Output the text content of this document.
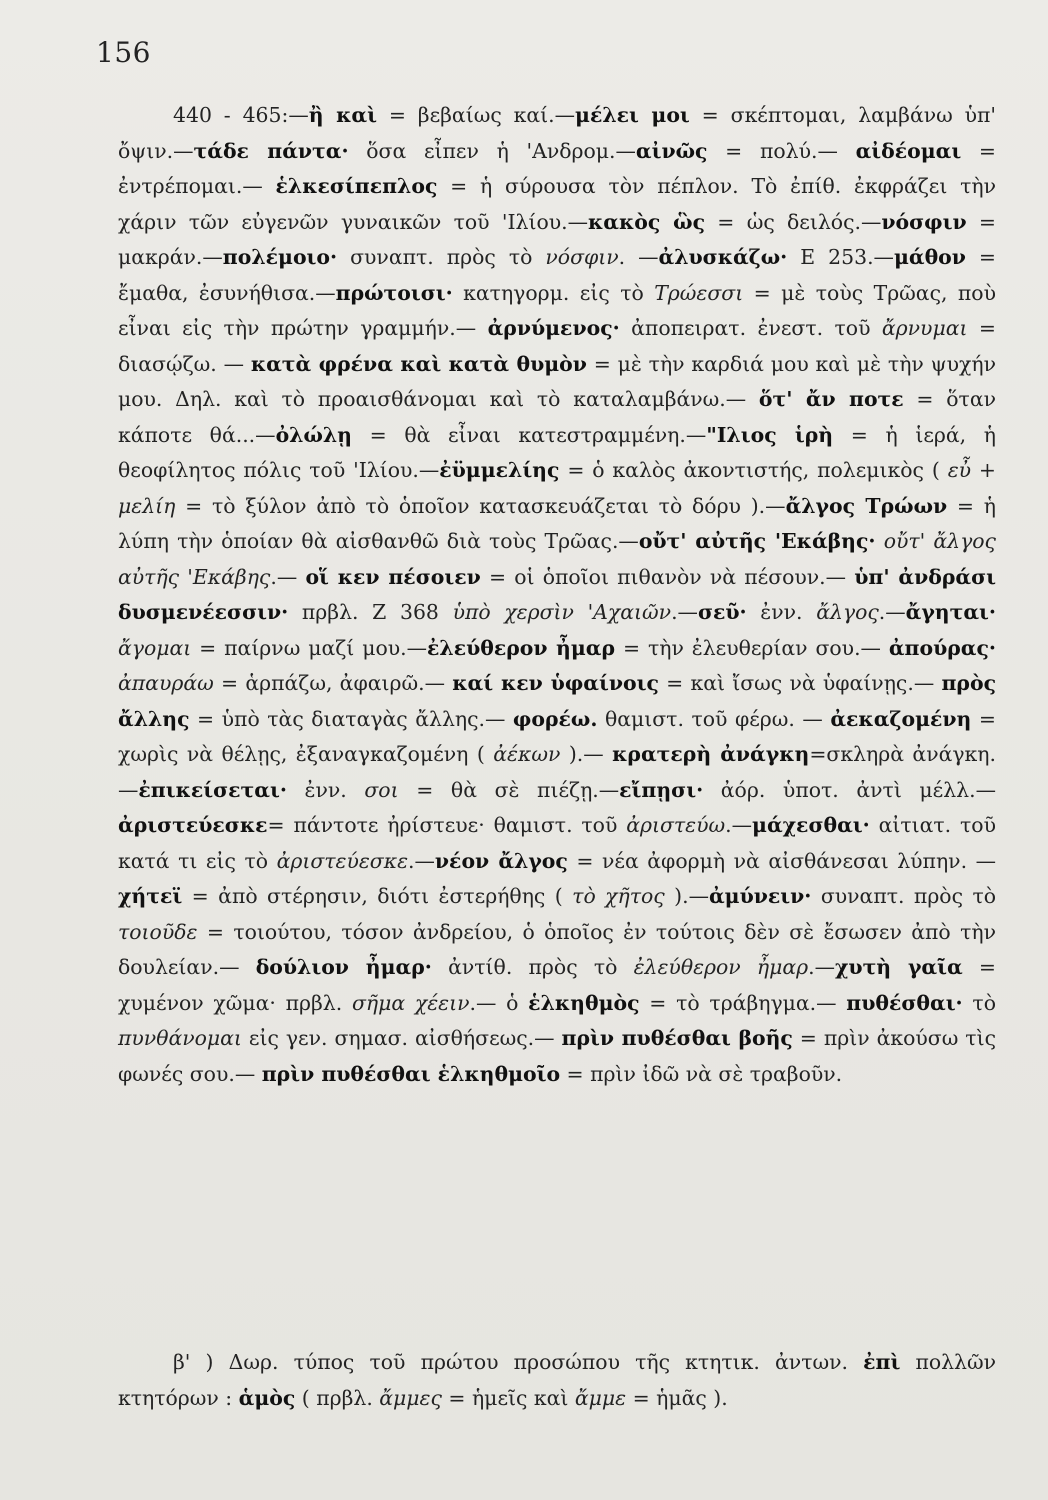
156

440 - 465:—ἢ καὶ = βεβαίως καί.—μέλει μοι = σκέπτομαι, λαμβάνω ὑπ' ὄψιν.—τάδε πάντα· ὅσα εἶπεν ἡ 'Ανδρομ.—αἰνῶς = πολύ.— αἰδέομαι = ἐντρέπομαι.— ἑλκεσίπεπλος = ἡ σύρουσα τὸν πέπλον. Τὸ ἐπίθ. ἐκφράζει τὴν χάριν τῶν εὐγενῶν γυναικῶν τοῦ 'Ιλίου.—κακὸς ὣς = ὡς δειλός.—νόσφιν = μακράν.—πολέμοιο· συναπτ. πρὸς τὸ νόσφιν. —ἀλυσκάζω· Ε 253.—μάθον = ἔμαθα, ἐσυνήθισα.—πρώτοισι· κατηγορμ. εἰς τὸ Τρώεσσι = μὲ τοὺς Τρῶας, ποὺ εἶναι εἰς τὴν πρώτην γραμμήν.— ἀρνύμενος· ἀποπειρατ. ἐνεστ. τοῦ ἄρνυμαι = διασῴζω. — κατὰ φρένα καὶ κατὰ θυμὸν = μὲ τὴν καρδιά μου καὶ μὲ τὴν ψυχήν μου. Δηλ. καὶ τὸ προαισθάνομαι καὶ τὸ καταλαμβάνω.— ὅτ' ἄν ποτε = ὅταν κάποτε θά...—ὀλώλῃ = θὰ εἶναι κατεστραμμένη.—"Ιλιος ἱρὴ = ἡ ἱερά, ἡ θεοφίλητος πόλις τοῦ 'Ιλίου.—ἐϋμμελίης = ὁ καλὸς ἀκοντιστής, πολεμικὸς ( εὖ + μελίη = τὸ ξύλον ἀπὸ τὸ ὁποῖον κατασκευάζεται τὸ δόρυ ).—ἄλγος Τρώων = ἡ λύπη τὴν ὁποίαν θὰ αἰσθανθῶ διὰ τοὺς Τρῶας.—οὔτ' αὐτῆς 'Εκάβης· οὔτ' ἄλγος αὐτῆς 'Εκάβης.— οἵ κεν πέσοιεν = οἱ ὁποῖοι πιθανὸν νὰ πέσουν.— ὑπ' ἀνδράσι δυσμενέεσσιν· πρβλ. Ζ 368 ὑπὸ χερσὶν 'Αχαιῶν.—σεῦ· ἐνν. ἄλγος.—ἄγηται· ἄγομαι = παίρνω μαζί μου.—ἐλεύθερον ἦμαρ = τὴν ἐλευθερίαν σου.— ἀπούρας· ἀπαυράω = ἁρπάζω, ἀφαιρῶ.— καί κεν ὑφαίνοις = καὶ ἴσως νὰ ὑφαίνῃς.— πρὸς ἄλλης = ὑπὸ τὰς διαταγὰς ἄλλης.— φορέω. θαμιστ. τοῦ φέρω. — ἀεκαζομένη = χωρὶς νὰ θέλῃς, ἐξαναγκαζομένη ( ἀέκων ).— κρατερὴ ἀνάγκη=σκληρὰ ἀνάγκη.—ἐπικείσεται· ἐνν. σοι = θὰ σὲ πιέζῃ.—εἴπῃσι· ἀόρ. ὑποτ. ἀντὶ μέλλ.—ἀριστεύεσκε= πάντοτε ἠρίστευε· θαμιστ. τοῦ ἀριστεύω.—μάχεσθαι· αἰτιατ. τοῦ κατά τι εἰς τὸ ἀριστεύεσκε.—νέον ἄλγος = νέα ἀφορμὴ νὰ αἰσθάνεσαι λύπην. — χήτεϊ = ἀπὸ στέρησιν, διότι ἐστερήθης ( τὸ χῆτος ).—ἀμύνειν· συναπτ. πρὸς τὸ τοιοῦδε = τοιούτου, τόσον ἀνδρείου, ὁ ὁποῖος ἐν τούτοις δὲν σὲ ἔσωσεν ἀπὸ τὴν δουλείαν.— δούλιον ἦμαρ· ἀντίθ. πρὸς τὸ ἐλεύθερον ἦμαρ.—χυτὴ γαῖα = χυμένον χῶμα· πρβλ. σῆμα χέειν.— ὁ ἑλκηθμὸς = τὸ τράβηγμα.— πυθέσθαι· τὸ πυνθάνομαι εἰς γεν. σημασ. αἰσθήσεως.— πρὶν πυθέσθαι βοῆς = πρὶν ἀκούσω τὶς φωνές σου.— πρὶν πυθέσθαι ἑλκηθμοῖο = πρὶν ἰδῶ νὰ σὲ τραβοῦν.

β' ) Δωρ. τύπος τοῦ πρώτου προσώπου τῆς κτητικ. ἀντων. ἐπὶ πολλῶν κτητόρων : ἁμὸς ( πρβλ. ἄμμες = ἡμεῖς καὶ ἄμμε = ἡμᾶς ).
